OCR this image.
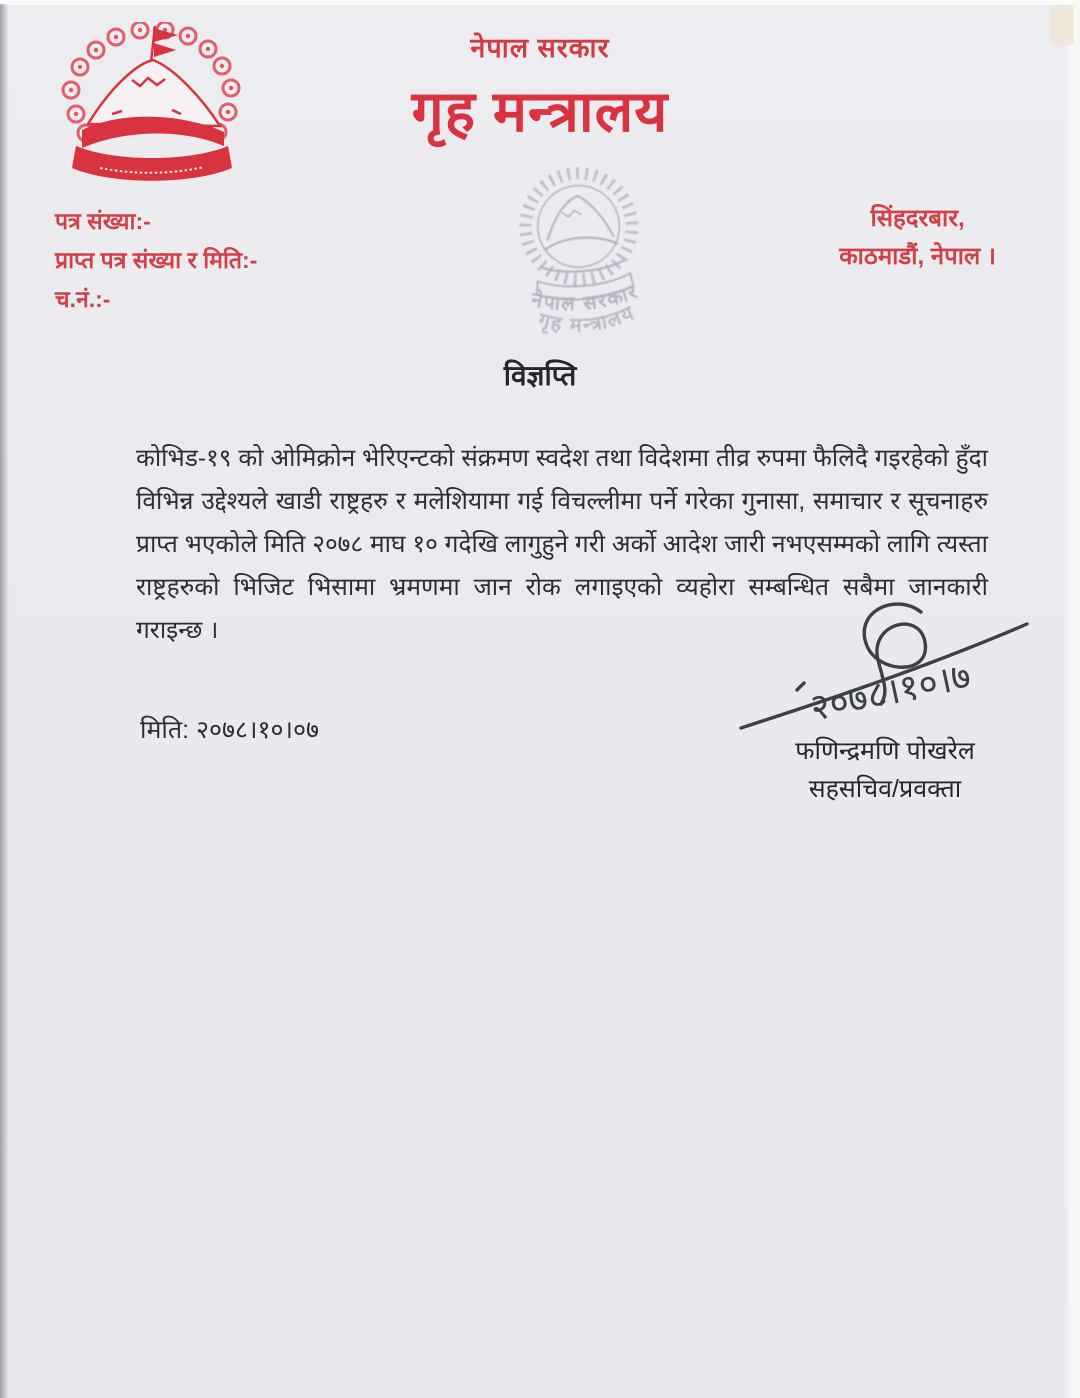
नेपाल सरकार
गृह मन्त्रालय
पत्र संख्या:-
प्राप्त पत्र संख्या र मिति:-
च.नं.:-
सिंहदरबार,
काठमाडौं, नेपाल ।
नेपाल सरकार
गृह मन्त्रालय
विज्ञप्ति

कोभिड-१९ को ओमिक्रोन भेरिएन्टको संक्रमण स्वदेश तथा विदेशमा तीव्र रुपमा फैलिदै गइरहेको हुँदा विभिन्न उद्देश्यले खाडी राष्ट्रहरु र मलेशियामा गई विचल्लीमा पर्ने गरेका गुनासा, समाचार र सूचनाहरु प्राप्त भएकोले मिति २०७८ माघ १० गदेखि लागुहुने गरी अर्को आदेश जारी नभएसम्मको लागि त्यस्ता राष्ट्रहरुको भिजिट भिसामा भ्रमणमा जान रोक लगाइएको व्यहोरा सम्बन्धित सबैमा जानकारी गराइन्छ ।

मिति: २०७८।१०।०७
२०७८।१०।७
फणिन्द्रमणि पोखरेल
सहसचिव/प्रवक्ता
